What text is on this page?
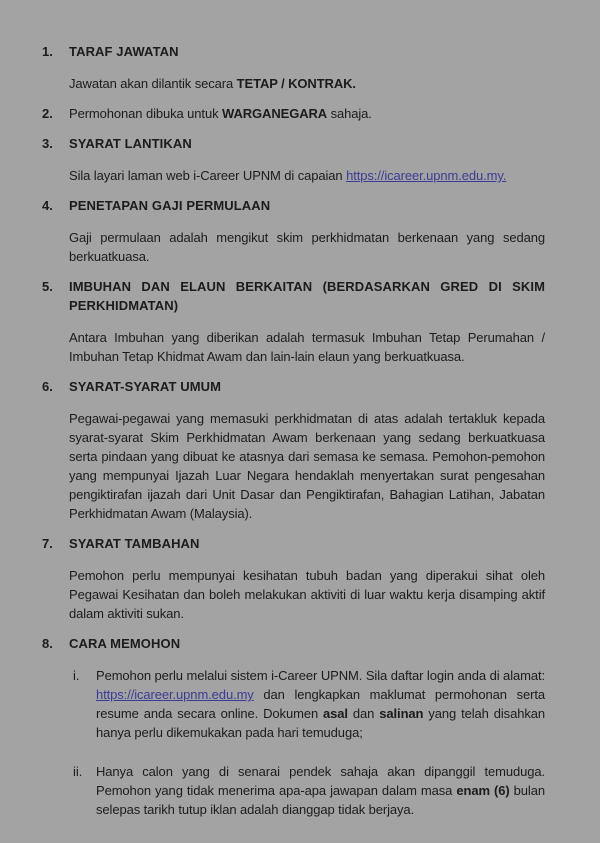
1.	TARAF JAWATAN

Jawatan akan dilantik secara TETAP / KONTRAK.

2.	Permohonan dibuka untuk WARGANEGARA sahaja.

3.	SYARAT LANTIKAN

Sila layari laman web i-Career UPNM di capaian https://icareer.upnm.edu.my.

4.	PENETAPAN GAJI PERMULAAN

Gaji permulaan adalah mengikut skim perkhidmatan berkenaan yang sedang berkuatkuasa.

5.	IMBUHAN DAN ELAUN BERKAITAN (BERDASARKAN GRED DI SKIM PERKHIDMATAN)

Antara Imbuhan yang diberikan adalah termasuk Imbuhan Tetap Perumahan / Imbuhan Tetap Khidmat Awam dan lain-lain elaun yang berkuatkuasa.

6.	SYARAT-SYARAT UMUM

Pegawai-pegawai yang memasuki perkhidmatan di atas adalah tertakluk kepada syarat-syarat Skim Perkhidmatan Awam berkenaan yang sedang berkuatkuasa serta pindaan yang dibuat ke atasnya dari semasa ke semasa. Pemohon-pemohon yang mempunyai Ijazah Luar Negara hendaklah menyertakan surat pengesahan pengiktirafan ijazah dari Unit Dasar dan Pengiktirafan, Bahagian Latihan, Jabatan Perkhidmatan Awam (Malaysia).

7.	SYARAT TAMBAHAN

Pemohon perlu mempunyai kesihatan tubuh badan yang diperakui sihat oleh Pegawai Kesihatan dan boleh melakukan aktiviti di luar waktu kerja disamping aktif dalam aktiviti sukan.

8.	CARA MEMOHON
i.	Pemohon perlu melalui sistem i-Career UPNM. Sila daftar login anda di alamat: https://icareer.upnm.edu.my dan lengkapkan maklumat permohonan serta resume anda secara online. Dokumen asal dan salinan yang telah disahkan hanya perlu dikemukakan pada hari temuduga;

ii.	Hanya calon yang di senarai pendek sahaja akan dipanggil temuduga. Pemohon yang tidak menerima apa-apa jawapan dalam masa enam (6) bulan selepas tarikh tutup iklan adalah dianggap tidak berjaya.
